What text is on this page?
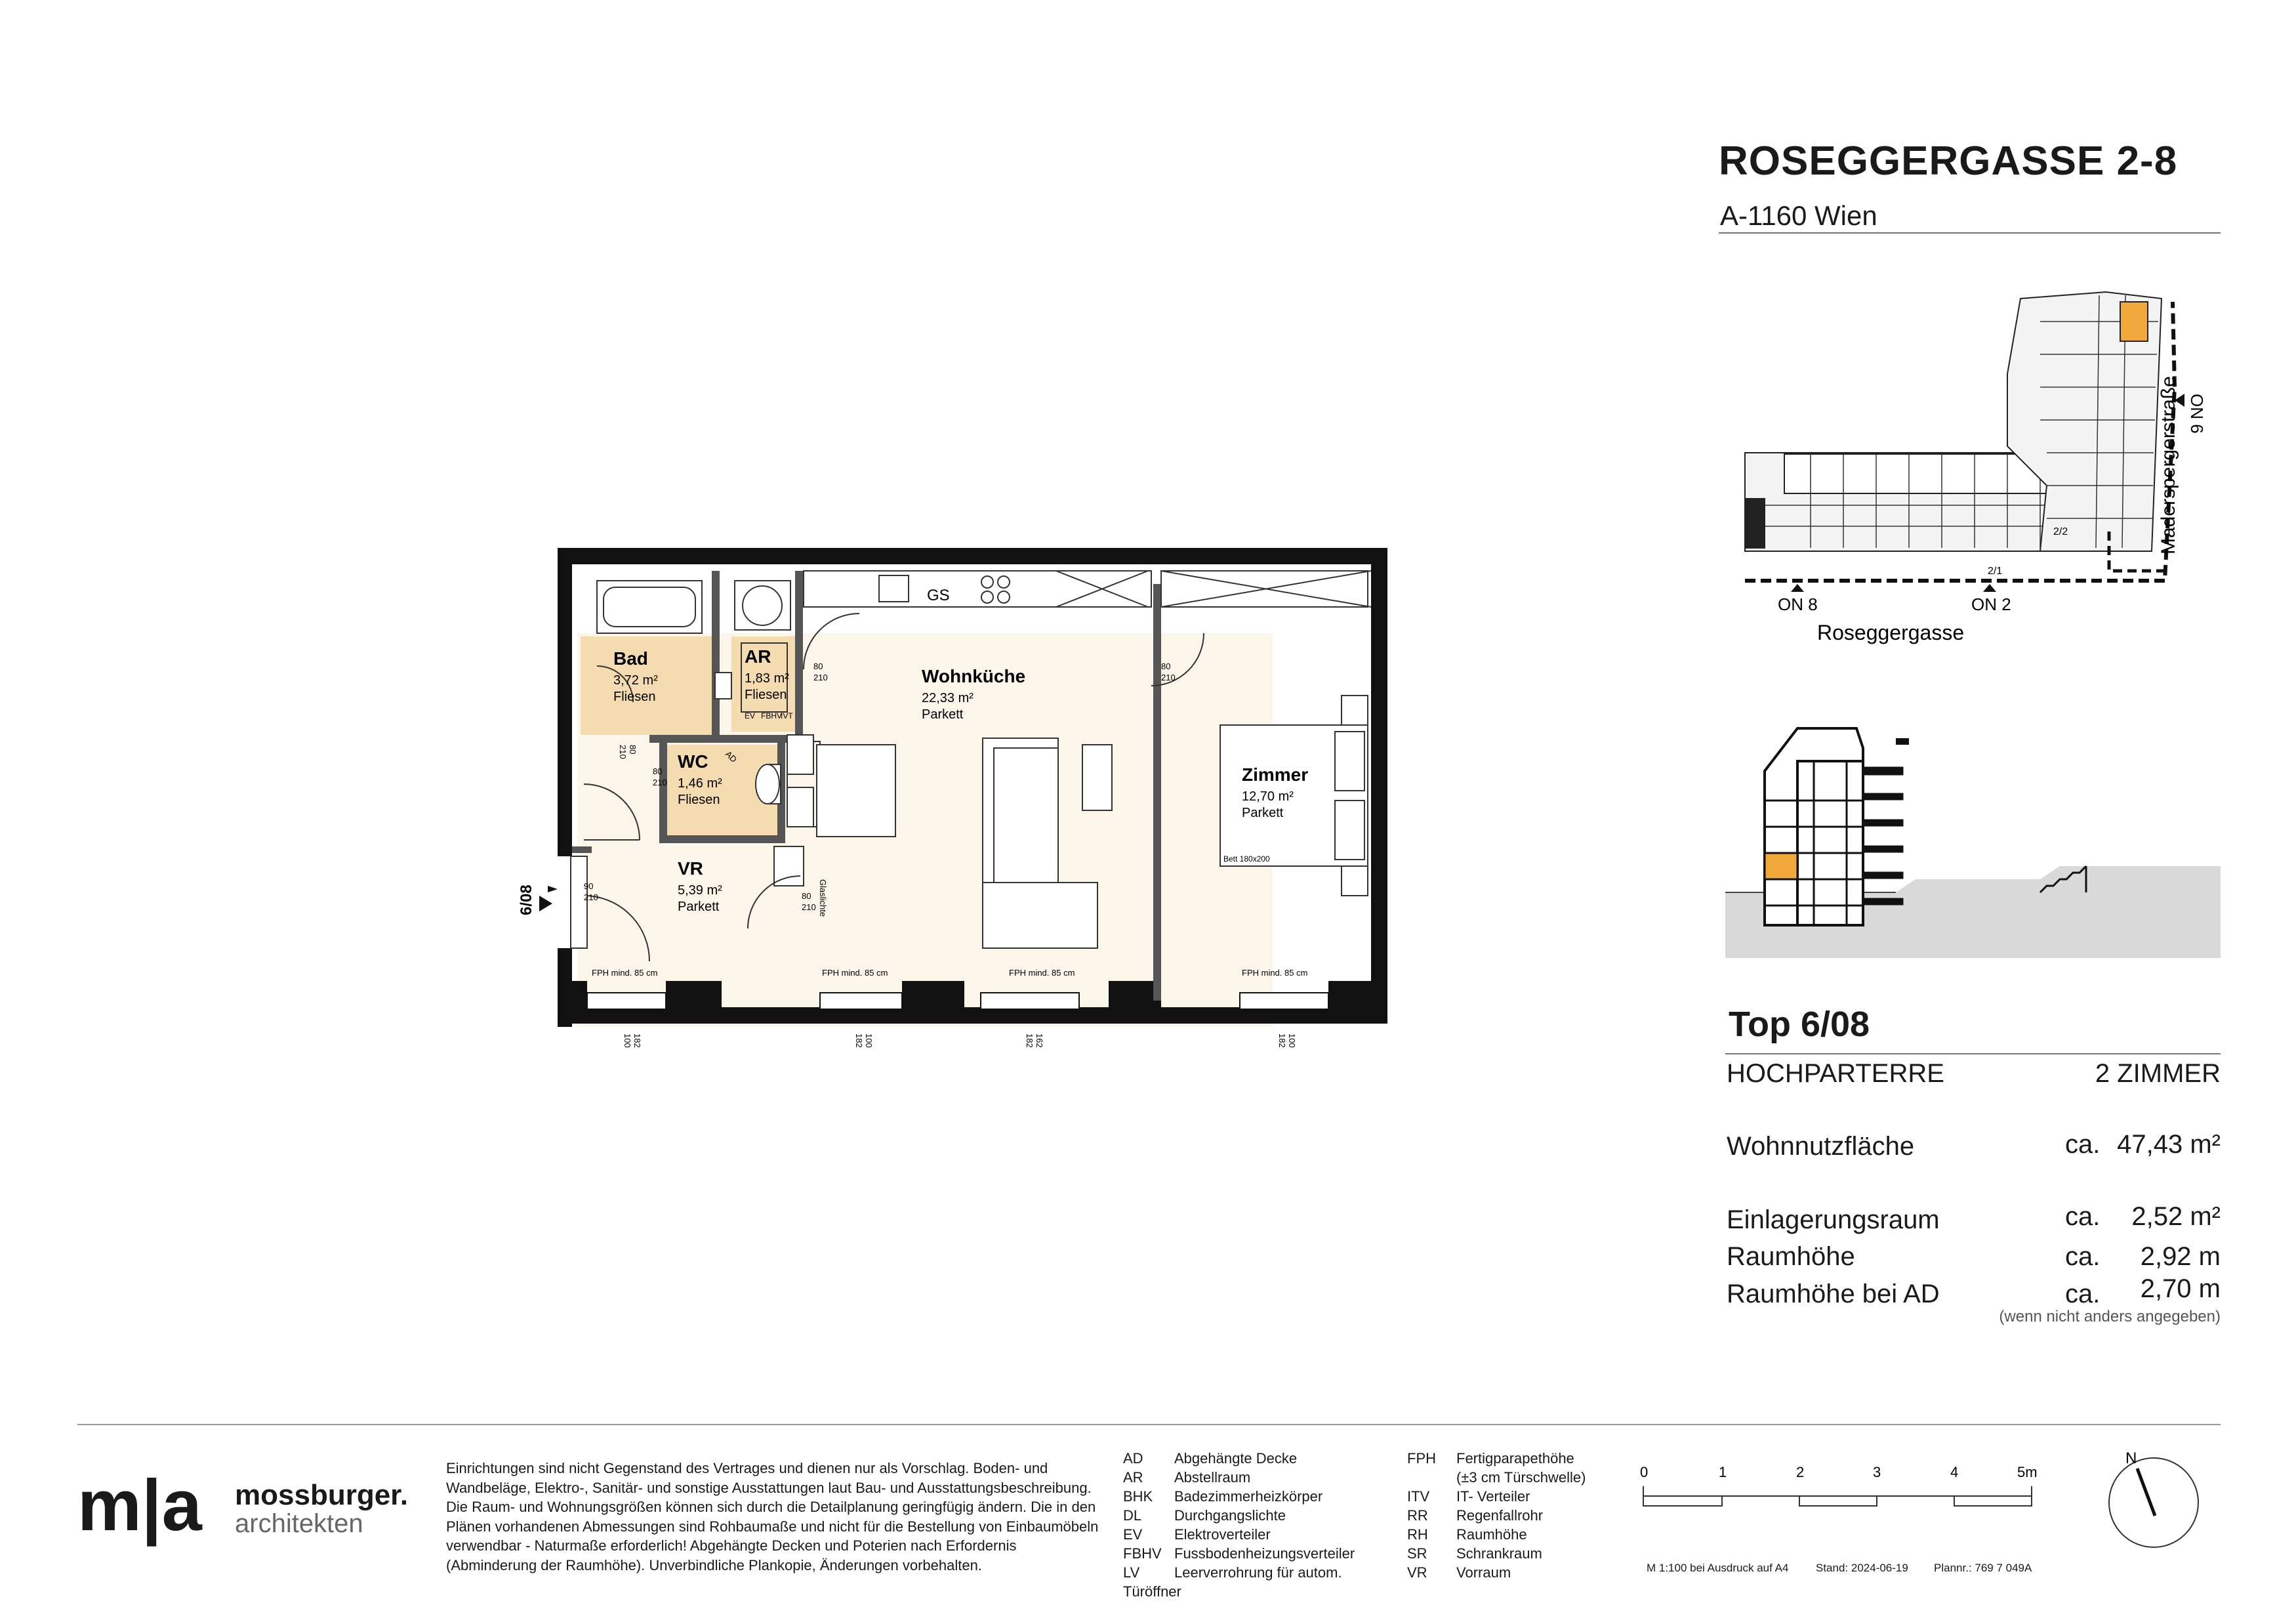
ROSEGGERGASSE 2-8
A-1160 Wien
ON 8	ON 2
ON 6
2/2
2/1
Roseggergasse
Maderspergerstraße
Top 6/08
HOCHPARTERRE	2 ZIMMER
Wohnnutzfläche	ca. 47,43 m²
Einlagerungsraum	ca.	2,52 m²
Raumhöhe	ca.	2,92 m
Raumhöhe bei AD	ca.	2,70 m
(wenn nicht anders angegeben)
FPH mind. 85 cm	FPH mind. 85 cm	FPH mind. 85 cm	FPH mind. 85 cm
EV FBHV
IVT
GS
Bett 180x200
6/08
80
210
80
210
80
210
90
210	80
210
80
210
Glaslichte
AD
100 182	182 100	182 162	182 100
Bad
3,72 m²
Fliesen
AR
1,83 m²
Fliesen
Wohnküche
22,33 m²
Parkett
WC
1,46 m²
Fliesen
Zimmer
12,70 m²
Parkett
VR
5,39 m²
Parkett
m|a mossburger.
architekten
Einrichtungen sind nicht Gegenstand des Vertrages und dienen nur als Vorschlag. Boden- und Wandbeläge, Elektro-, Sanitär- und sonstige Ausstattungen laut Bau- und Ausstattungsbeschreibung. Die Raum- und Wohnungsgrößen können sich durch die Detailplanung geringfügig ändern. Die in den Plänen vorhandenen Abmessungen sind Rohbaumaße und nicht für die Bestellung von Einbaumöbeln verwendbar - Naturmaße erforderlich! Abgehängte Decken und Poterien nach Erfordernis (Abminderung der Raumhöhe). Unverbindliche Plankopie, Änderungen vorbehalten.
AD Abgehängte Decke
AR Abstellraum
BHK Badezimmerheizkörper
DL Durchgangslichte
EV Elektroverteiler
FBHV Fussbodenheizungsverteiler
LV Leerverrohrung für autom. Türöffner
FPH Fertigparapethöhe
(±3 cm Türschwelle)
ITV IT- Verteiler
RR Regenfallrohr
RH Raumhöhe
SR Schrankraum
VR Vorraum
0	1	2	3	4	5m
M 1:100 bei Ausdruck auf A4 Stand: 2024-06-19 Plannr.: 769 7 049A
N
